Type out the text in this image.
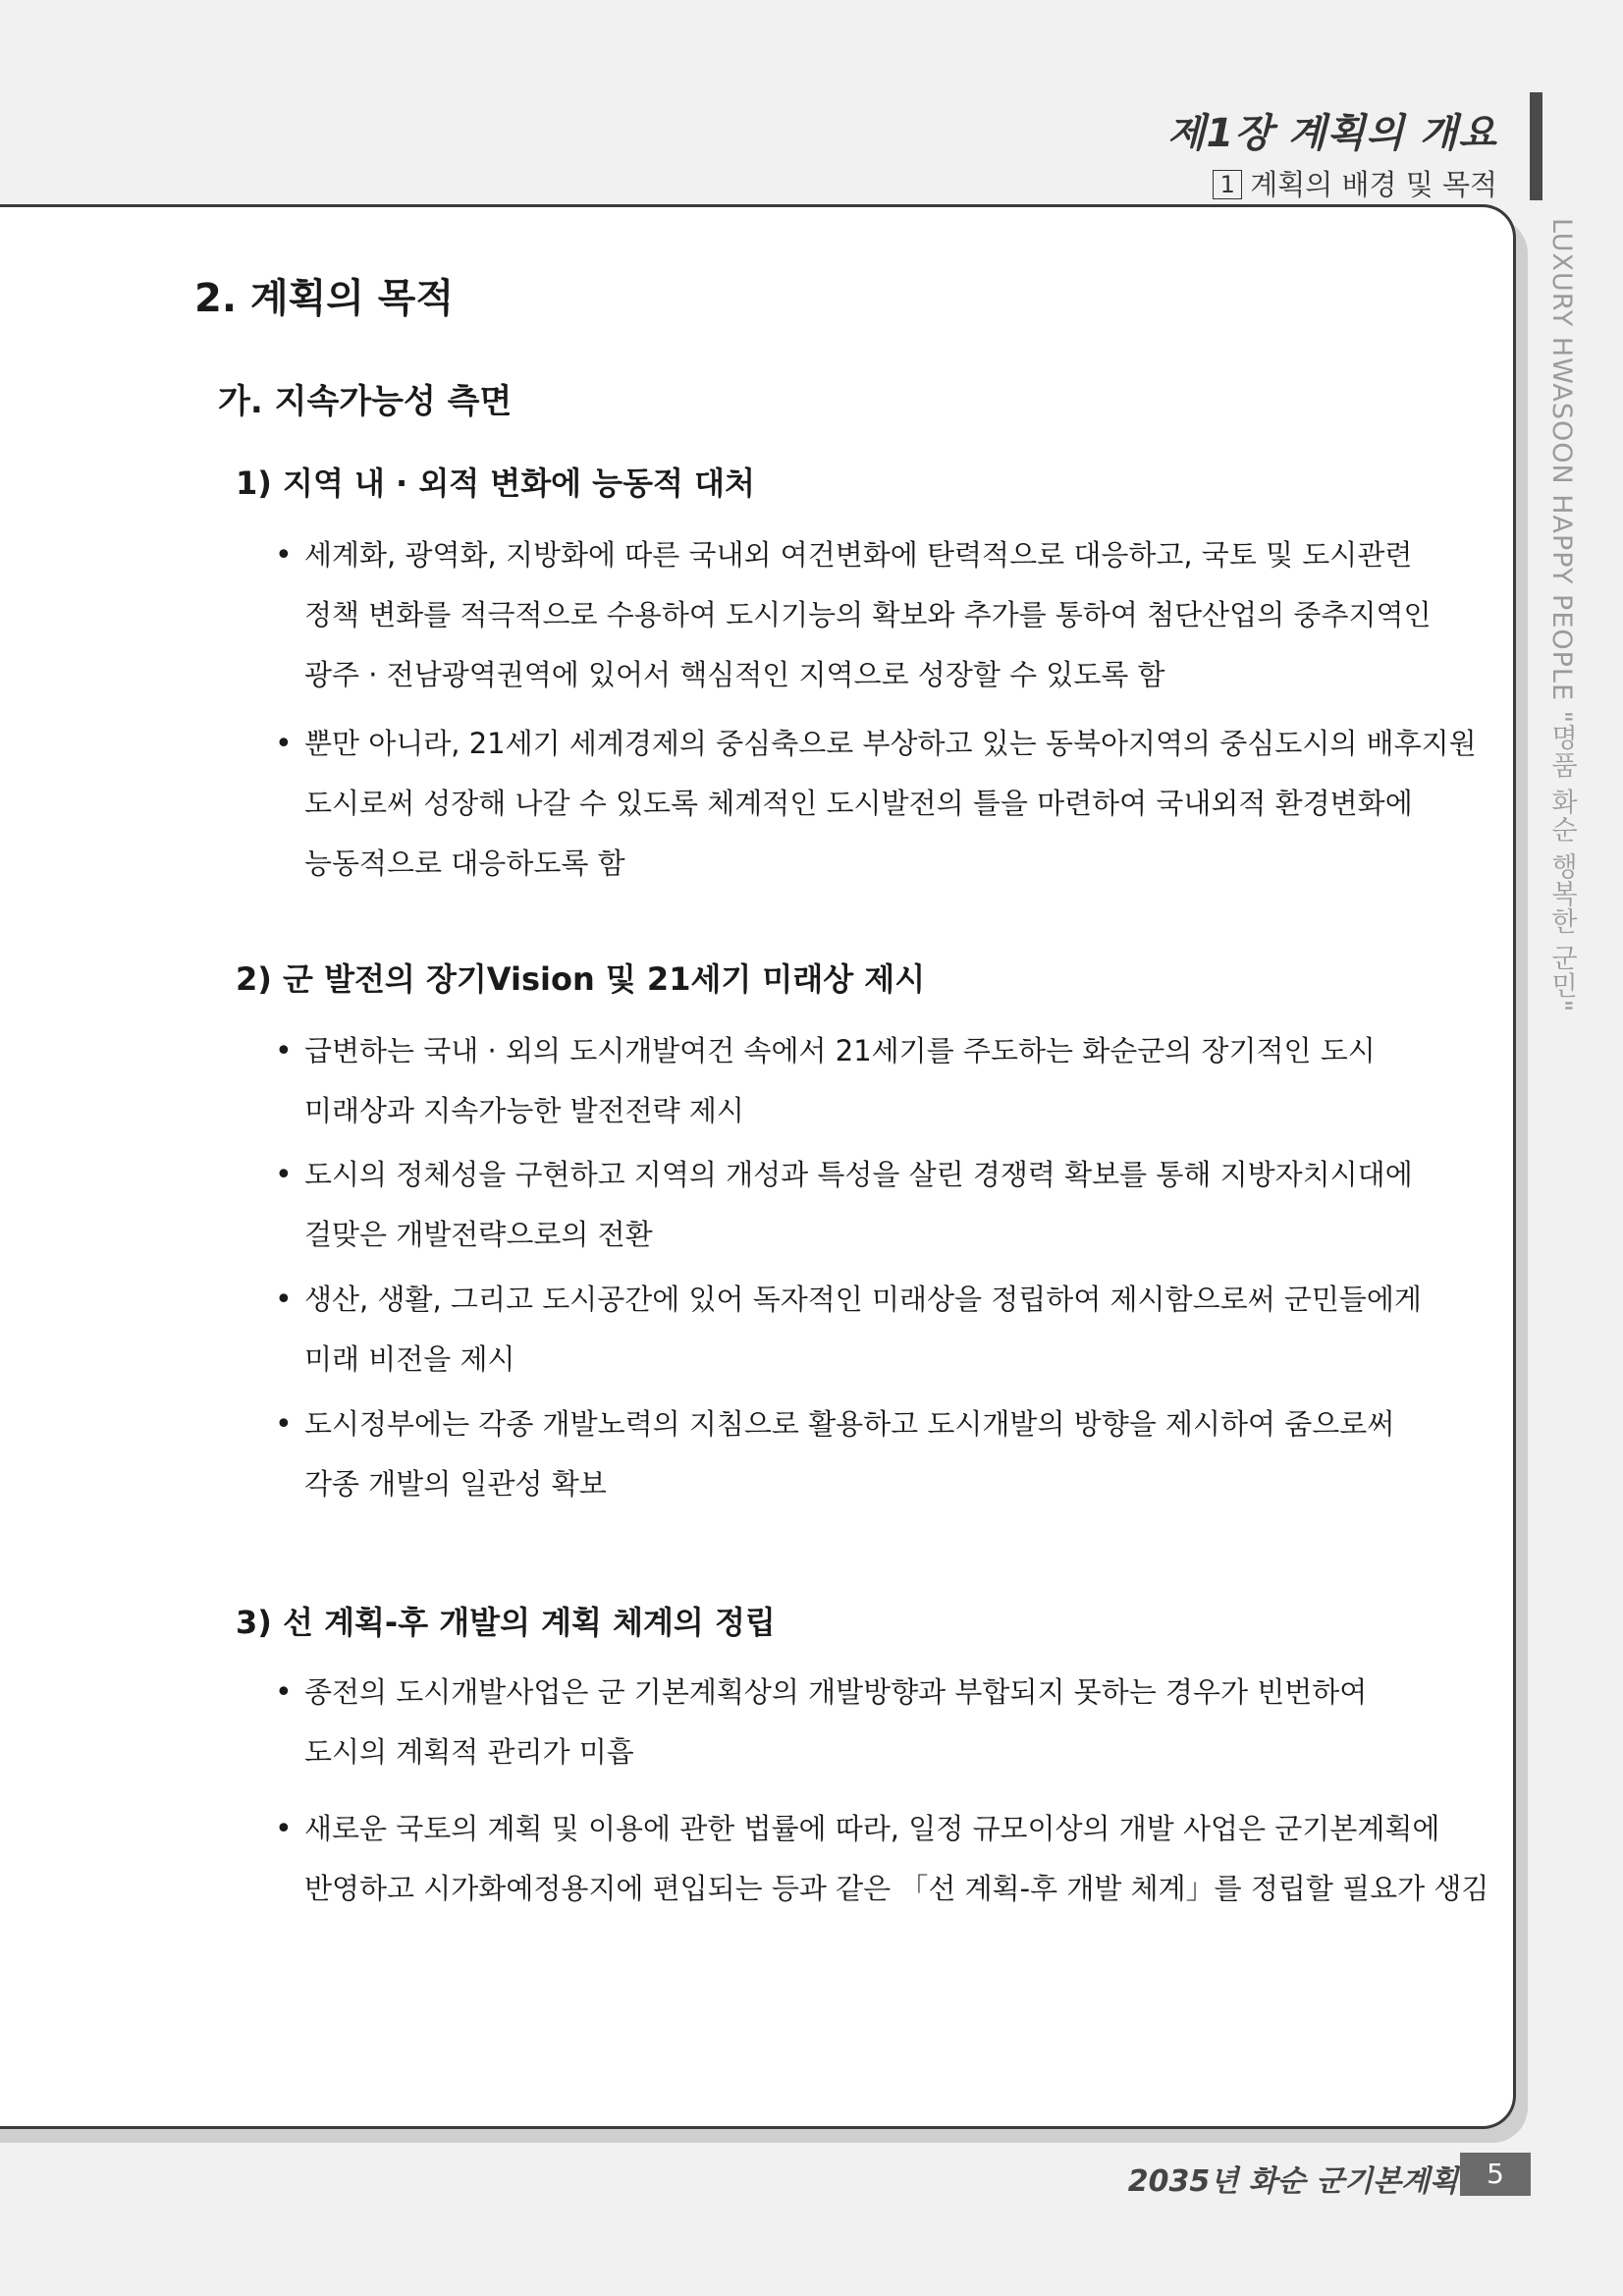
제1장 계획의 개요
1 계획의 배경 및 목적
LUXURY HWASOON HAPPY PEOPLE "명품 화순 행복한 군민"
2. 계획의 목적
가. 지속가능성 측면
1) 지역 내 · 외적 변화에 능동적 대처
• 세계화, 광역화, 지방화에 따른 국내외 여건변화에 탄력적으로 대응하고, 국토 및 도시관련
정책 변화를 적극적으로 수용하여 도시기능의 확보와 추가를 통하여 첨단산업의 중추지역인
광주 · 전남광역권역에 있어서 핵심적인 지역으로 성장할 수 있도록 함
• 뿐만 아니라, 21세기 세계경제의 중심축으로 부상하고 있는 동북아지역의 중심도시의 배후지원
도시로써 성장해 나갈 수 있도록 체계적인 도시발전의 틀을 마련하여 국내외적 환경변화에
능동적으로 대응하도록 함
2) 군 발전의 장기Vision 및 21세기 미래상 제시
• 급변하는 국내 · 외의 도시개발여건 속에서 21세기를 주도하는 화순군의 장기적인 도시
미래상과 지속가능한 발전전략 제시
• 도시의 정체성을 구현하고 지역의 개성과 특성을 살린 경쟁력 확보를 통해 지방자치시대에
걸맞은 개발전략으로의 전환
• 생산, 생활, 그리고 도시공간에 있어 독자적인 미래상을 정립하여 제시함으로써 군민들에게
미래 비전을 제시
• 도시정부에는 각종 개발노력의 지침으로 활용하고 도시개발의 방향을 제시하여 줌으로써
각종 개발의 일관성 확보
3) 선 계획-후 개발의 계획 체계의 정립
• 종전의 도시개발사업은 군 기본계획상의 개발방향과 부합되지 못하는 경우가 빈번하여
도시의 계획적 관리가 미흡
• 새로운 국토의 계획 및 이용에 관한 법률에 따라, 일정 규모이상의 개발 사업은 군기본계획에
반영하고 시가화예정용지에 편입되는 등과 같은 「선 계획-후 개발 체계」를 정립할 필요가 생김
2035년 화순 군기본계획	5
